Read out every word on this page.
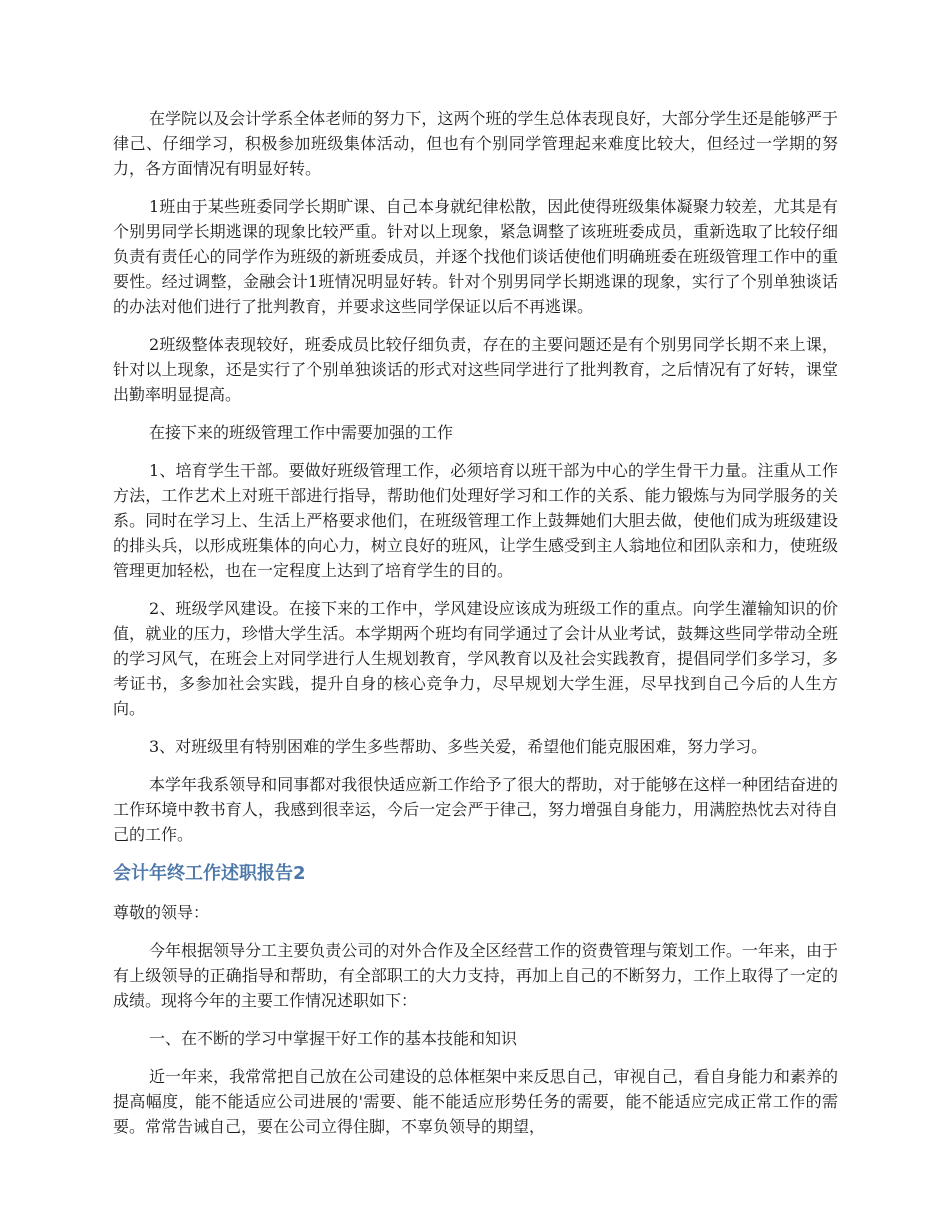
在学院以及会计学系全体老师的努力下，这两个班的学生总体表现良好，大部分学生还是能够严于律己、仔细学习，积极参加班级集体活动，但也有个别同学管理起来难度比较大，但经过一学期的努力，各方面情况有明显好转。

1班由于某些班委同学长期旷课、自己本身就纪律松散，因此使得班级集体凝聚力较差，尤其是有个别男同学长期逃课的现象比较严重。针对以上现象，紧急调整了该班班委成员，重新选取了比较仔细负责有责任心的同学作为班级的新班委成员，并逐个找他们谈话使他们明确班委在班级管理工作中的重要性。经过调整，金融会计1班情况明显好转。针对个别男同学长期逃课的现象，实行了个别单独谈话的办法对他们进行了批判教育，并要求这些同学保证以后不再逃课。

2班级整体表现较好，班委成员比较仔细负责，存在的主要问题还是有个别男同学长期不来上课，针对以上现象，还是实行了个别单独谈话的形式对这些同学进行了批判教育，之后情况有了好转，课堂出勤率明显提高。

在接下来的班级管理工作中需要加强的工作

1、培育学生干部。要做好班级管理工作，必须培育以班干部为中心的学生骨干力量。注重从工作方法，工作艺术上对班干部进行指导，帮助他们处理好学习和工作的关系、能力锻炼与为同学服务的关系。同时在学习上、生活上严格要求他们，在班级管理工作上鼓舞她们大胆去做，使他们成为班级建设的排头兵，以形成班集体的向心力，树立良好的班风，让学生感受到主人翁地位和团队亲和力，使班级管理更加轻松，也在一定程度上达到了培育学生的目的。

2、班级学风建设。在接下来的工作中，学风建设应该成为班级工作的重点。向学生灌输知识的价值，就业的压力，珍惜大学生活。本学期两个班均有同学通过了会计从业考试，鼓舞这些同学带动全班的学习风气，在班会上对同学进行人生规划教育，学风教育以及社会实践教育，提倡同学们多学习，多考证书，多参加社会实践，提升自身的核心竞争力，尽早规划大学生涯，尽早找到自己今后的人生方向。

3、对班级里有特别困难的学生多些帮助、多些关爱，希望他们能克服困难，努力学习。

本学年我系领导和同事都对我很快适应新工作给予了很大的帮助，对于能够在这样一种团结奋进的工作环境中教书育人，我感到很幸运，今后一定会严于律己，努力增强自身能力，用满腔热忱去对待自己的工作。

会计年终工作述职报告2

尊敬的领导：

今年根据领导分工主要负责公司的对外合作及全区经营工作的资费管理与策划工作。一年来，由于有上级领导的正确指导和帮助，有全部职工的大力支持，再加上自己的不断努力，工作上取得了一定的成绩。现将今年的主要工作情况述职如下：

一、在不断的学习中掌握干好工作的基本技能和知识

近一年来，我常常把自己放在公司建设的总体框架中来反思自己，审视自己，看自身能力和素养的提高幅度，能不能适应公司进展的'需要、能不能适应形势任务的需要，能不能适应完成正常工作的需要。常常告诫自己，要在公司立得住脚，不辜负领导的期望，
